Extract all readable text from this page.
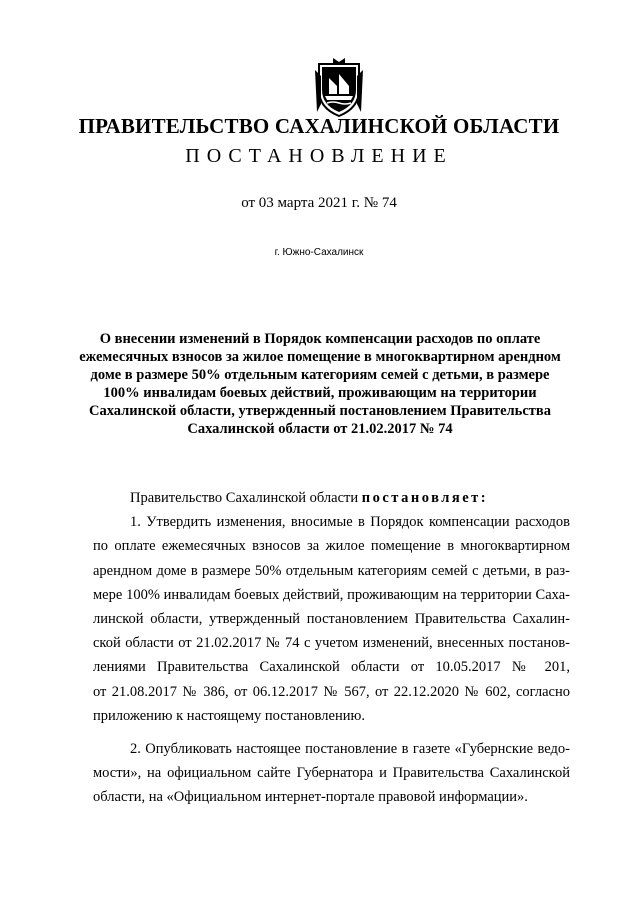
ПРАВИТЕЛЬСТВО САХАЛИНСКОЙ ОБЛАСТИ
ПОСТАНОВЛЕНИЕ
от 03 марта 2021 г. № 74
г. Южно-Сахалинск
О внесении изменений в Порядок компенсации расходов по оплате
ежемесячных взносов за жилое помещение в многоквартирном арендном
доме в размере 50% отдельным категориям семей с детьми, в размере
100% инвалидам боевых действий, проживающим на территории
Сахалинской области, утвержденный постановлением Правительства
Сахалинской области от 21.02.2017 № 74
Правительство Сахалинской области постановляет:
1. Утвердить изменения, вносимые в Порядок компенсации расходов
по оплате ежемесячных взносов за жилое помещение в многоквартирном
арендном доме в размере 50% отдельным категориям семей с детьми, в раз-
мере 100% инвалидам боевых действий, проживающим на территории Саха-
линской области, утвержденный постановлением Правительства Сахалин-
ской области от 21.02.2017 № 74 с учетом изменений, внесенных постанов-
лениями Правительства Сахалинской области от 10.05.2017 № 201,
от 21.08.2017 № 386, от 06.12.2017 № 567, от 22.12.2020 № 602, согласно
приложению к настоящему постановлению.
2. Опубликовать настоящее постановление в газете «Губернские ведо-
мости», на официальном сайте Губернатора и Правительства Сахалинской
области, на «Официальном интернет-портале правовой информации».
